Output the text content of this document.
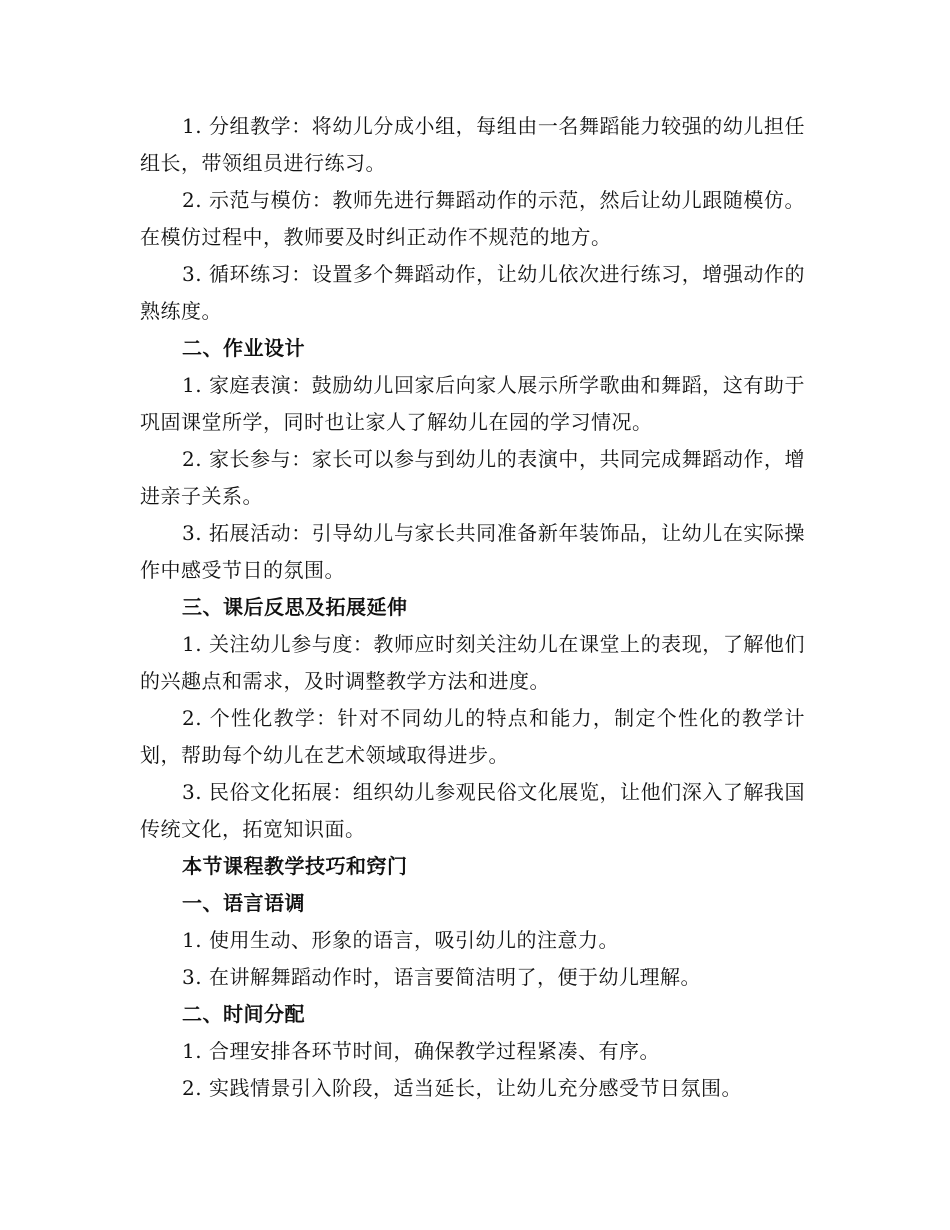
1. 分组教学：将幼儿分成小组，每组由一名舞蹈能力较强的幼儿担任组长，带领组员进行练习。

2. 示范与模仿：教师先进行舞蹈动作的示范，然后让幼儿跟随模仿。在模仿过程中，教师要及时纠正动作不规范的地方。

3. 循环练习：设置多个舞蹈动作，让幼儿依次进行练习，增强动作的熟练度。

二、作业设计

1. 家庭表演：鼓励幼儿回家后向家人展示所学歌曲和舞蹈，这有助于巩固课堂所学，同时也让家人了解幼儿在园的学习情况。

2. 家长参与：家长可以参与到幼儿的表演中，共同完成舞蹈动作，增进亲子关系。

3. 拓展活动：引导幼儿与家长共同准备新年装饰品，让幼儿在实际操作中感受节日的氛围。

三、课后反思及拓展延伸

1. 关注幼儿参与度：教师应时刻关注幼儿在课堂上的表现，了解他们的兴趣点和需求，及时调整教学方法和进度。

2. 个性化教学：针对不同幼儿的特点和能力，制定个性化的教学计划，帮助每个幼儿在艺术领域取得进步。

3. 民俗文化拓展：组织幼儿参观民俗文化展览，让他们深入了解我国传统文化，拓宽知识面。

本节课程教学技巧和窍门

一、语言语调

1. 使用生动、形象的语言，吸引幼儿的注意力。

3. 在讲解舞蹈动作时，语言要简洁明了，便于幼儿理解。

二、时间分配

1. 合理安排各环节时间，确保教学过程紧凑、有序。

2. 实践情景引入阶段，适当延长，让幼儿充分感受节日氛围。
